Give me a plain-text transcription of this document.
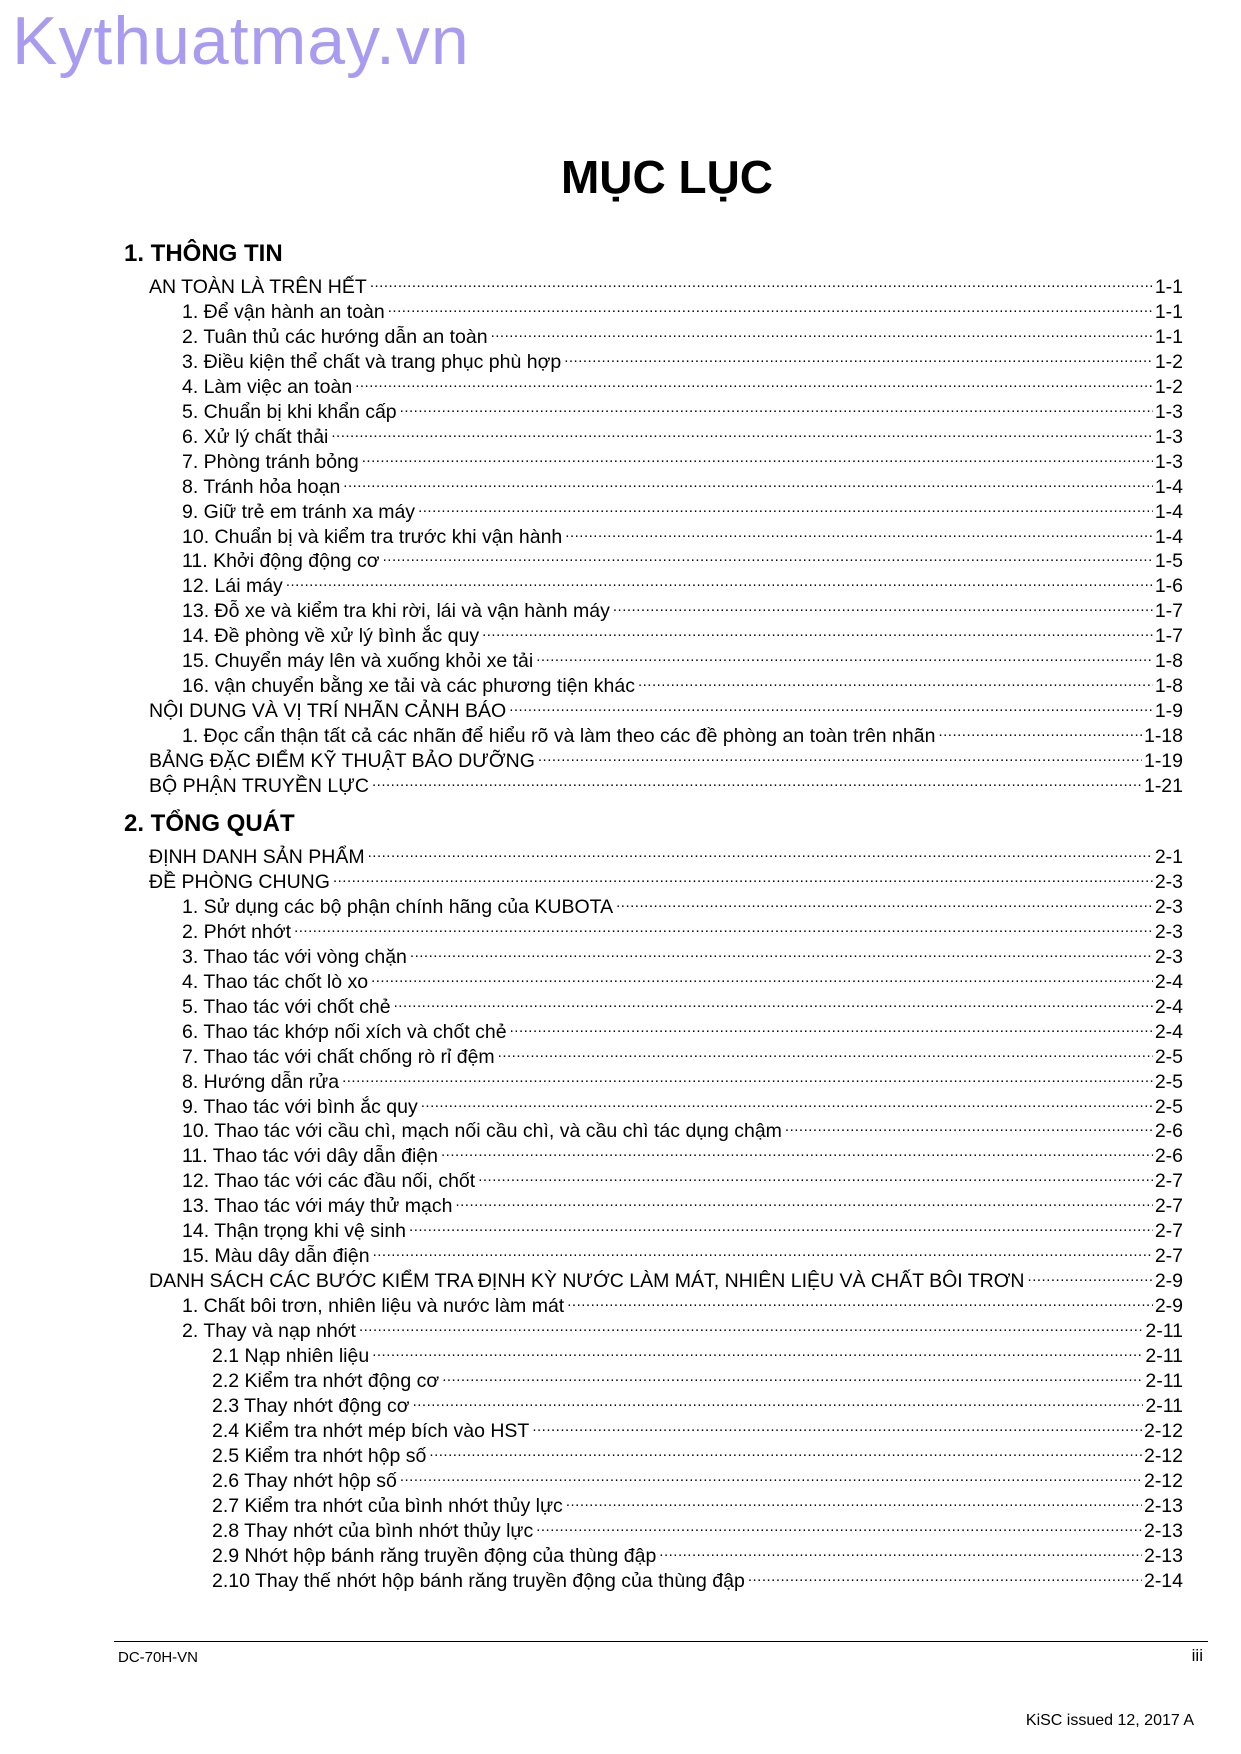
Kythuatmay.vn
MỤC LỤC
1. THÔNG TIN
AN TOÀN LÀ TRÊN HẾT .....	1-1
1. Để vận hành an toàn .....	1-1
2. Tuân thủ các hướng dẫn an toàn .....	1-1
3. Điều kiện thể chất và trang phục phù hợp .....	1-2
4. Làm việc an toàn .....	1-2
5. Chuẩn bị khi khẩn cấp .....	1-3
6. Xử lý chất thải .....	1-3
7. Phòng tránh bỏng .....	1-3
8. Tránh hỏa hoạn .....	1-4
9. Giữ trẻ em tránh xa máy .....	1-4
10. Chuẩn bị và kiểm tra trước khi vận hành .....	1-4
11. Khởi động động cơ .....	1-5
12. Lái máy .....	1-6
13. Đỗ xe và kiểm tra khi rời, lái và vận hành máy .....	1-7
14. Đề phòng về xử lý bình ắc quy .....	1-7
15. Chuyển máy lên và xuống khỏi xe tải .....	1-8
16. vận chuyển bằng xe tải và các phương tiện khác .....	1-8
NỘI DUNG VÀ VỊ TRÍ NHÃN CẢNH BÁO .....	1-9
1. Đọc cẩn thận tất cả các nhãn để hiểu rõ và làm theo các đề phòng an toàn trên nhãn .....	1-18
BẢNG ĐẶC ĐIỂM KỸ THUẬT BẢO DƯỠNG .....	1-19
BỘ PHẬN TRUYỀN LỰC .....	1-21
2. TỔNG QUÁT
ĐỊNH DANH SẢN PHẨM .....	2-1
ĐỀ PHÒNG CHUNG .....	2-3
1. Sử dụng các bộ phận chính hãng của KUBOTA .....	2-3
2. Phớt nhớt .....	2-3
3. Thao tác với vòng chặn .....	2-3
4. Thao tác chốt lò xo .....	2-4
5. Thao tác với chốt chẻ .....	2-4
6. Thao tác khớp nối xích và chốt chẻ .....	2-4
7. Thao tác với chất chống rò rỉ đệm .....	2-5
8. Hướng dẫn rửa .....	2-5
9. Thao tác với bình ắc quy .....	2-5
10. Thao tác với cầu chì, mạch nối cầu chì, và cầu chì tác dụng chậm .....	2-6
11. Thao tác với dây dẫn điện .....	2-6
12. Thao tác với các đầu nối, chốt .....	2-7
13. Thao tác với máy thử mạch .....	2-7
14. Thận trọng khi vệ sinh .....	2-7
15. Màu dây dẫn điện .....	2-7
DANH SÁCH CÁC BƯỚC KIỂM TRA ĐỊNH KỲ NƯỚC LÀM MÁT, NHIÊN LIỆU VÀ CHẤT BÔI TRƠN .....	2-9
1. Chất bôi trơn, nhiên liệu và nước làm mát .....	2-9
2. Thay và nạp nhớt .....	2-11
2.1 Nạp nhiên liệu .....	2-11
2.2 Kiểm tra nhớt động cơ .....	2-11
2.3 Thay nhớt động cơ .....	2-11
2.4 Kiểm tra nhớt mép bích vào HST .....	2-12
2.5 Kiểm tra nhớt hộp số .....	2-12
2.6 Thay nhớt hộp số .....	2-12
2.7 Kiểm tra nhớt của bình nhớt thủy lực .....	2-13
2.8 Thay nhớt của bình nhớt thủy lực .....	2-13
2.9 Nhớt hộp bánh răng truyền động của thùng đập .....	2-13
2.10 Thay thế nhớt hộp bánh răng truyền động của thùng đập .....	2-14
DC-70H-VN	iii
KiSC issued 12, 2017 A
